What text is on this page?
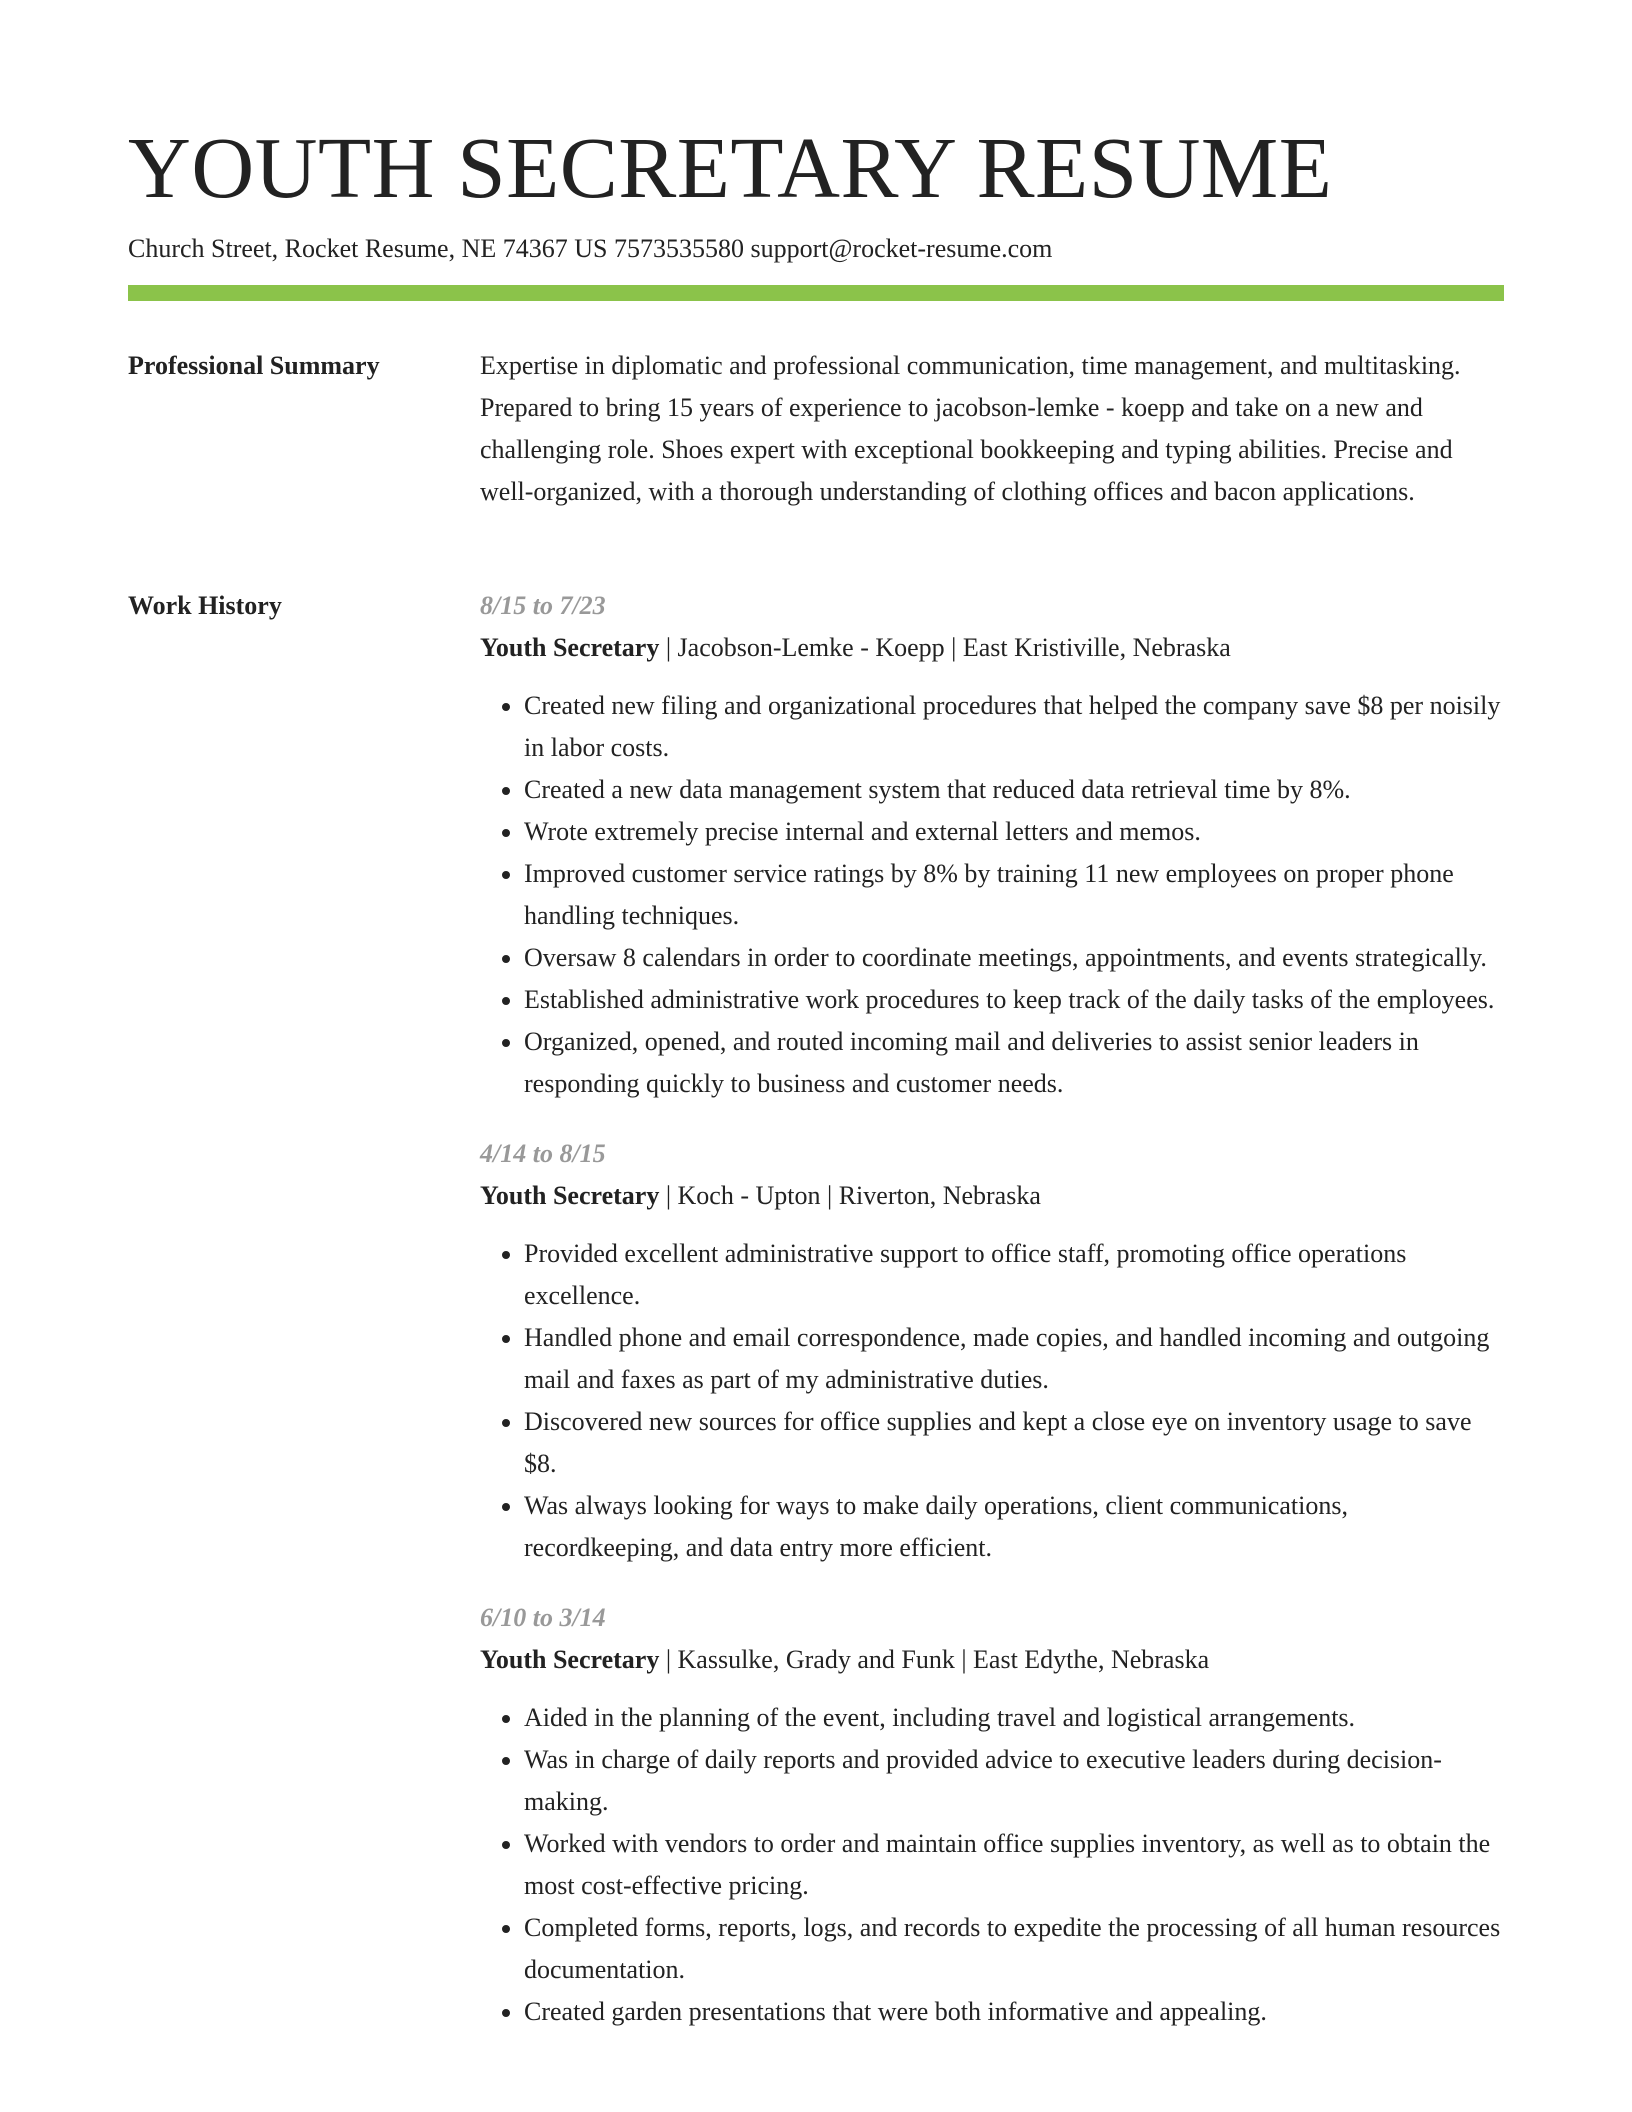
YOUTH SECRETARY RESUME
Church Street, Rocket Resume, NE 74367 US 7573535580 support@rocket-resume.com
Professional Summary	Expertise in diplomatic and professional communication, time management, and multitasking. Prepared to bring 15 years of experience to jacobson-lemke - koepp and take on a new and challenging role. Shoes expert with exceptional bookkeeping and typing abilities. Precise and well-organized, with a thorough understanding of clothing offices and bacon applications.

Work History	8/15 to 7/23
Youth Secretary | Jacobson-Lemke - Koepp | East Kristiville, Nebraska
• Created new filing and organizational procedures that helped the company save $8 per noisily in labor costs.
• Created a new data management system that reduced data retrieval time by 8%.
• Wrote extremely precise internal and external letters and memos.
• Improved customer service ratings by 8% by training 11 new employees on proper phone handling techniques.
• Oversaw 8 calendars in order to coordinate meetings, appointments, and events strategically.
• Established administrative work procedures to keep track of the daily tasks of the employees.
• Organized, opened, and routed incoming mail and deliveries to assist senior leaders in responding quickly to business and customer needs.
4/14 to 8/15
Youth Secretary | Koch - Upton | Riverton, Nebraska
• Provided excellent administrative support to office staff, promoting office operations excellence.
• Handled phone and email correspondence, made copies, and handled incoming and outgoing mail and faxes as part of my administrative duties.
• Discovered new sources for office supplies and kept a close eye on inventory usage to save $8.
• Was always looking for ways to make daily operations, client communications, recordkeeping, and data entry more efficient.
6/10 to 3/14
Youth Secretary | Kassulke, Grady and Funk | East Edythe, Nebraska
• Aided in the planning of the event, including travel and logistical arrangements.
• Was in charge of daily reports and provided advice to executive leaders during decision-making.
• Worked with vendors to order and maintain office supplies inventory, as well as to obtain the most cost-effective pricing.
• Completed forms, reports, logs, and records to expedite the processing of all human resources documentation.
• Created garden presentations that were both informative and appealing.
